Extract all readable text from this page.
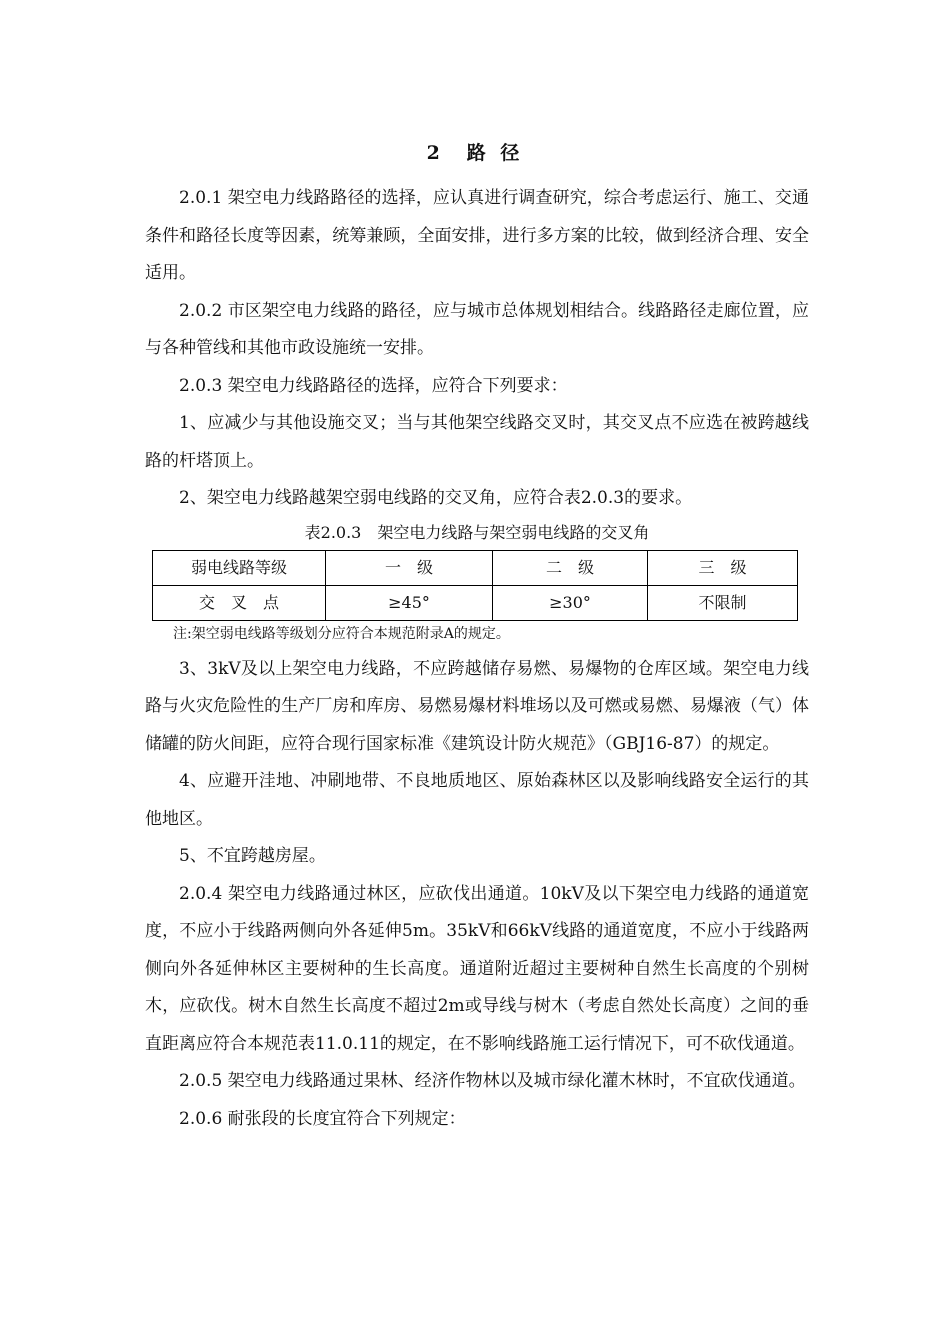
2　路 径

2.0.1 架空电力线路路径的选择，应认真进行调查研究，综合考虑运行、施工、交通条件和路径长度等因素，统筹兼顾，全面安排，进行多方案的比较，做到经济合理、安全适用。

2.0.2 市区架空电力线路的路径，应与城市总体规划相结合。线路路径走廊位置，应与各种管线和其他市政设施统一安排。

2.0.3 架空电力线路路径的选择，应符合下列要求：

1、应减少与其他设施交叉；当与其他架空线路交叉时，其交叉点不应选在被跨越线路的杆塔顶上。

2、架空电力线路越架空弱电线路的交叉角，应符合表2.0.3的要求。

表2.0.3　架空电力线路与架空弱电线路的交叉角
弱电线路等级	一　级	二　级	三　级
交　叉　点	≥45°	≥30°	不限制
注:架空弱电线路等级划分应符合本规范附录A的规定。

3、3kV及以上架空电力线路，不应跨越储存易燃、易爆物的仓库区域。架空电力线路与火灾危险性的生产厂房和库房、易燃易爆材料堆场以及可燃或易燃、易爆液（气）体储罐的防火间距，应符合现行国家标准《建筑设计防火规范》（GBJ16-87）的规定。

4、应避开洼地、冲刷地带、不良地质地区、原始森林区以及影响线路安全运行的其他地区。

5、不宜跨越房屋。

2.0.4 架空电力线路通过林区，应砍伐出通道。10kV及以下架空电力线路的通道宽度，不应小于线路两侧向外各延伸5m。35kV和66kV线路的通道宽度，不应小于线路两侧向外各延伸林区主要树种的生长高度。通道附近超过主要树种自然生长高度的个别树木，应砍伐。树木自然生长高度不超过2m或导线与树木（考虑自然处长高度）之间的垂直距离应符合本规范表11.0.11的规定，在不影响线路施工运行情况下，可不砍伐通道。

2.0.5 架空电力线路通过果林、经济作物林以及城市绿化灌木林时，不宜砍伐通道。

2.0.6 耐张段的长度宜符合下列规定：
